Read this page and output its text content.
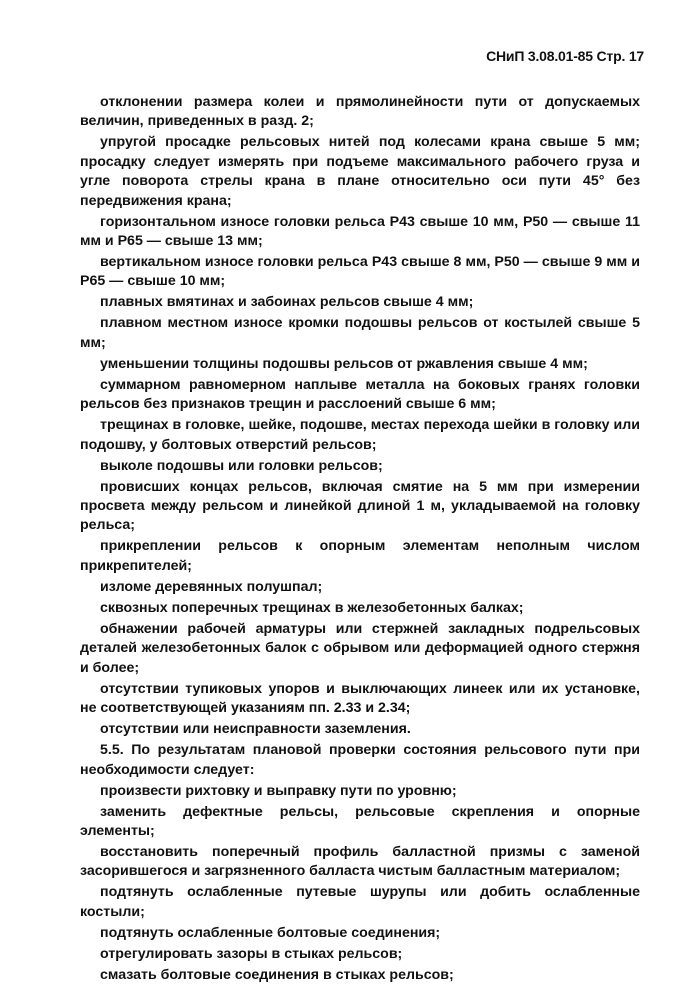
СНиП 3.08.01-85 Стр. 17

отклонении размера колеи и прямолинейности пути от допускаемых величин, приведенных в разд. 2;

упругой просадке рельсовых нитей под колесами крана свыше 5 мм; просадку следует измерять при подъеме максимального рабочего груза и угле поворота стрелы крана в плане относительно оси пути 45° без передвижения крана;

горизонтальном износе головки рельса Р43 свыше 10 мм, Р50 — свыше 11 мм и Р65 — свыше 13 мм;

вертикальном износе головки рельса Р43 свыше 8 мм, Р50 — свыше 9 мм и Р65 — свыше 10 мм;

плавных вмятинах и забоинах рельсов свыше 4 мм;

плавном местном износе кромки подошвы рельсов от костылей свыше 5 мм;

уменьшении толщины подошвы рельсов от ржавления свыше 4 мм;

суммарном равномерном наплыве металла на боковых гранях головки рельсов без признаков трещин и расслоений свыше 6 мм;

трещинах в головке, шейке, подошве, местах перехода шейки в головку или подошву, у болтовых отверстий рельсов;

выколе подошвы или головки рельсов;

провисших концах рельсов, включая смятие на 5 мм при измерении просвета между рельсом и линейкой длиной 1 м, укладываемой на головку рельса;

прикреплении рельсов к опорным элементам неполным числом прикрепителей;

изломе деревянных полушпал;

сквозных поперечных трещинах в железобетонных балках;

обнажении рабочей арматуры или стержней закладных подрельсовых деталей железобетонных балок с обрывом или деформацией одного стержня и более;

отсутствии тупиковых упоров и выключающих линеек или их установке, не соответствующей указаниям пп. 2.33 и 2.34;

отсутствии или неисправности заземления.

5.5. По результатам плановой проверки состояния рельсового пути при необходимости следует:

произвести рихтовку и выправку пути по уровню;

заменить дефектные рельсы, рельсовые скрепления и опорные элементы;

восстановить поперечный профиль балластной призмы с заменой засорившегося и загрязненного балласта чистым балластным материалом;

подтянуть ослабленные путевые шурупы или добить ослабленные костыли;

подтянуть ослабленные болтовые соединения;

отрегулировать зазоры в стыках рельсов;

смазать болтовые соединения в стыках рельсов;
